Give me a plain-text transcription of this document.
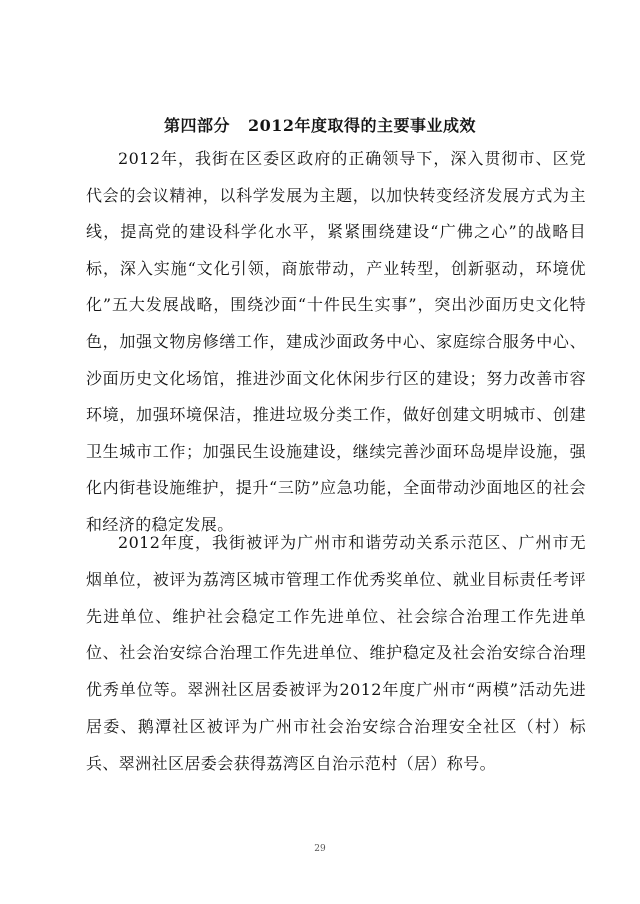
第四部分 2012年度取得的主要事业成效

2012年，我街在区委区政府的正确领导下，深入贯彻市、区党代会的会议精神，以科学发展为主题，以加快转变经济发展方式为主线，提高党的建设科学化水平，紧紧围绕建设“广佛之心”的战略目标，深入实施“文化引领，商旅带动，产业转型，创新驱动，环境优化”五大发展战略，围绕沙面“十件民生实事”，突出沙面历史文化特色，加强文物房修缮工作，建成沙面政务中心、家庭综合服务中心、沙面历史文化场馆，推进沙面文化休闲步行区的建设；努力改善市容环境，加强环境保洁，推进垃圾分类工作，做好创建文明城市、创建卫生城市工作；加强民生设施建设，继续完善沙面环岛堤岸设施，强化内街巷设施维护，提升“三防”应急功能，全面带动沙面地区的社会和经济的稳定发展。

2012年度，我街被评为广州市和谐劳动关系示范区、广州市无烟单位，被评为荔湾区城市管理工作优秀奖单位、就业目标责任考评先进单位、维护社会稳定工作先进单位、社会综合治理工作先进单位、社会治安综合治理工作先进单位、维护稳定及社会治安综合治理优秀单位等。翠洲社区居委被评为2012年度广州市“两模”活动先进居委、鹅潭社区被评为广州市社会治安综合治理安全社区（村）标兵、翠洲社区居委会获得荔湾区自治示范村（居）称号。

29
